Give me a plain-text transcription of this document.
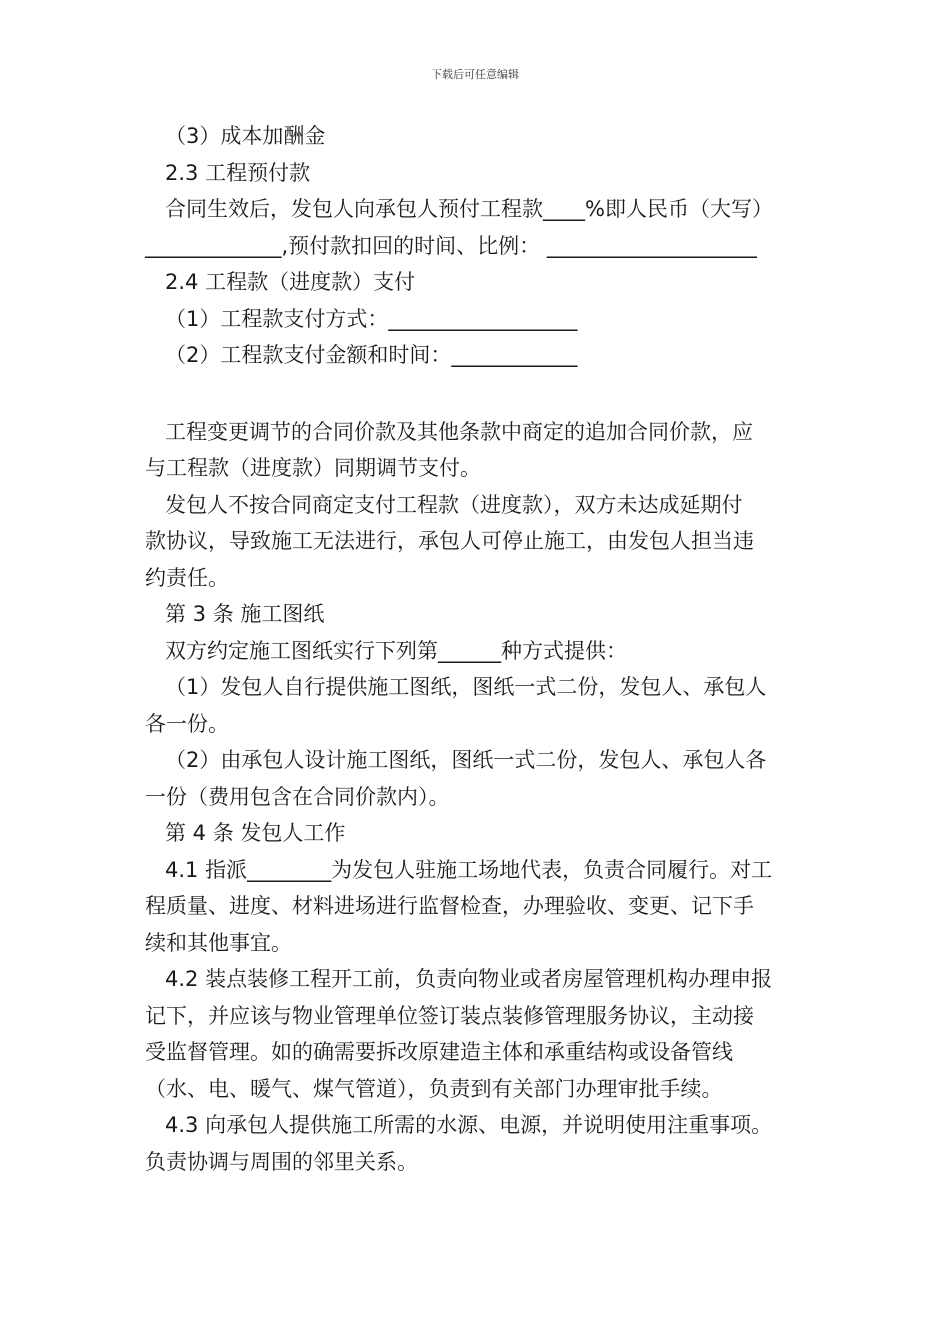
下载后可任意编辑
（3）成本加酬金
2.3 工程预付款
合同生效后，发包人向承包人预付工程款____%即人民币（大写）
_____________,预付款扣回的时间、比例： ____________________
2.4 工程款（进度款）支付
（1）工程款支付方式：__________________
（2）工程款支付金额和时间：____________
工程变更调节的合同价款及其他条款中商定的追加合同价款，应
与工程款（进度款）同期调节支付。
发包人不按合同商定支付工程款（进度款），双方未达成延期付
款协议，导致施工无法进行，承包人可停止施工，由发包人担当违
约责任。
第 3 条 施工图纸
双方约定施工图纸实行下列第______种方式提供：
（1）发包人自行提供施工图纸，图纸一式二份，发包人、承包人
各一份。
（2）由承包人设计施工图纸，图纸一式二份，发包人、承包人各
一份（费用包含在合同价款内）。
第 4 条 发包人工作
4.1 指派________为发包人驻施工场地代表，负责合同履行。对工
程质量、进度、材料进场进行监督检查，办理验收、变更、记下手
续和其他事宜。
4.2 装点装修工程开工前，负责向物业或者房屋管理机构办理申报
记下，并应该与物业管理单位签订装点装修管理服务协议，主动接
受监督管理。如的确需要拆改原建造主体和承重结构或设备管线
（水、电、暖气、煤气管道），负责到有关部门办理审批手续。
4.3 向承包人提供施工所需的水源、电源，并说明使用注重事项。
负责协调与周围的邻里关系。
